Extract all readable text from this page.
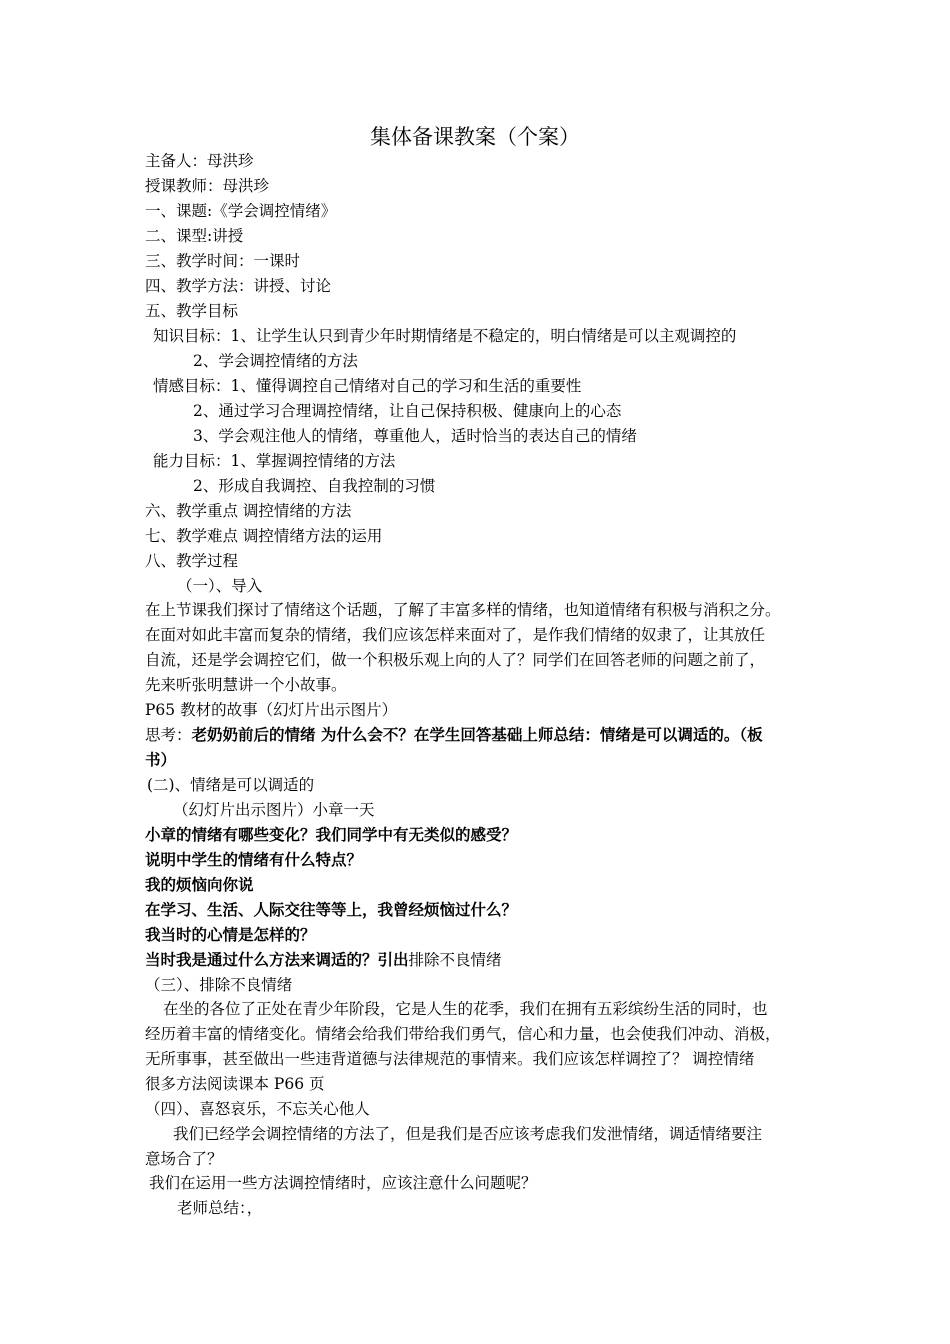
集体备课教案（个案）
主备人：母洪珍
授课教师：母洪珍
一、课题:《学会调控情绪》
二、课型:讲授
三、教学时间：一课时
四、教学方法：讲授、讨论
五、教学目标
知识目标：1、让学生认只到青少年时期情绪是不稳定的，明白情绪是可以主观调控的
2、学会调控情绪的方法
情感目标：1、懂得调控自己情绪对自己的学习和生活的重要性
2、通过学习合理调控情绪，让自己保持积极、健康向上的心态
3、学会观注他人的情绪，尊重他人，适时恰当的表达自己的情绪
能力目标：1、掌握调控情绪的方法
2、形成自我调控、自我控制的习惯
六、教学重点 调控情绪的方法
七、教学难点 调控情绪方法的运用
八、教学过程
（一）、导入
在上节课我们探讨了情绪这个话题，了解了丰富多样的情绪，也知道情绪有积极与消积之分。
在面对如此丰富而复杂的情绪，我们应该怎样来面对了，是作我们情绪的奴隶了，让其放任
自流，还是学会调控它们，做一个积极乐观上向的人了？同学们在回答老师的问题之前了，
先来听张明慧讲一个小故事。
P65 教材的故事（幻灯片出示图片）
思考：老奶奶前后的情绪 为什么会不？在学生回答基础上师总结：情绪是可以调适的。（板
书）
(二)、情绪是可以调适的
（幻灯片出示图片）小章一天
小章的情绪有哪些变化？我们同学中有无类似的感受？
说明中学生的情绪有什么特点？
我的烦恼向你说
在学习、生活、人际交往等等上，我曾经烦恼过什么？
我当时的心情是怎样的？
当时我是通过什么方法来调适的？引出排除不良情绪
（三）、排除不良情绪
在坐的各位了正处在青少年阶段，它是人生的花季，我们在拥有五彩缤纷生活的同时，也
经历着丰富的情绪变化。情绪会给我们带给我们勇气，信心和力量，也会使我们冲动、消极，
无所事事，甚至做出一些违背道德与法律规范的事情来。我们应该怎样调控了？ 调控情绪
很多方法阅读课本 P66 页
（四）、喜怒哀乐，不忘关心他人
我们已经学会调控情绪的方法了，但是我们是否应该考虑我们发泄情绪，调适情绪要注
意场合了？
我们在运用一些方法调控情绪时，应该注意什么问题呢？
老师总结：，
